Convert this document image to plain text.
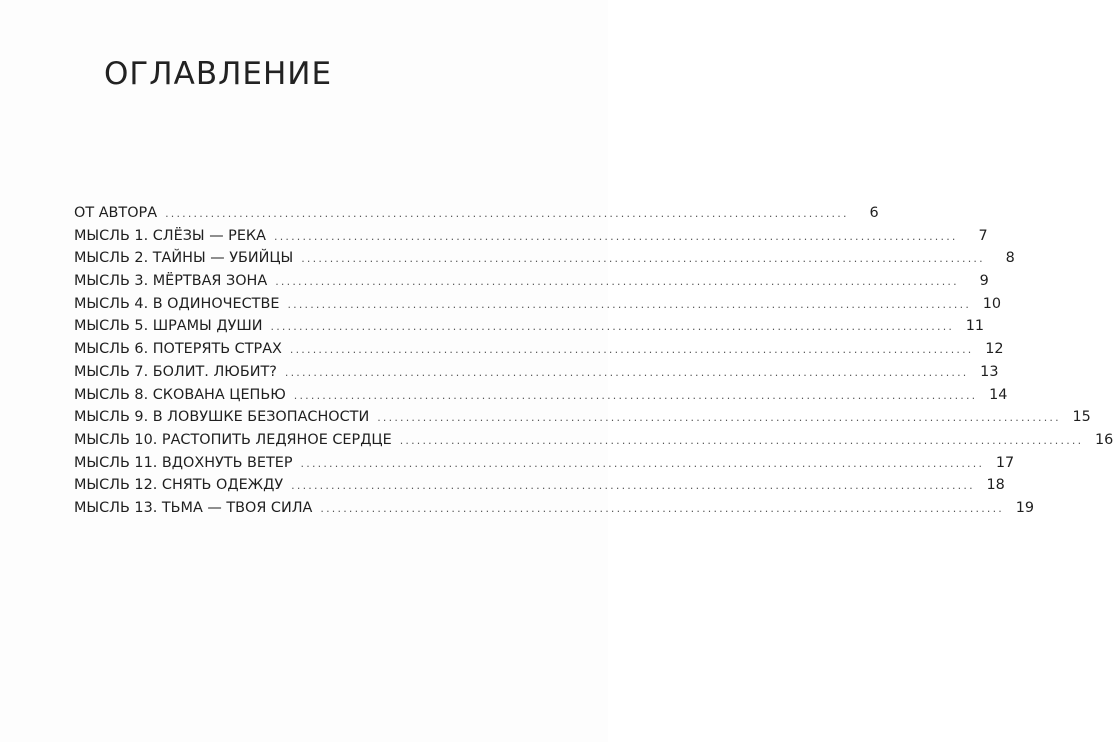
ОГЛАВЛЕНИЕ
ОТ АВТОРА ........................................................................................................................	6
МЫСЛЬ 1. СЛЁЗЫ — РЕКА ........................................................................................................................	7
МЫСЛЬ 2. ТАЙНЫ — УБИЙЦЫ ........................................................................................................................	8
МЫСЛЬ 3. МЁРТВАЯ ЗОНА ........................................................................................................................	9
МЫСЛЬ 4. В ОДИНОЧЕСТВЕ ........................................................................................................................ 10
МЫСЛЬ 5. ШРАМЫ ДУШИ ........................................................................................................................ 11
МЫСЛЬ 6. ПОТЕРЯТЬ СТРАХ ........................................................................................................................ 12
МЫСЛЬ 7. БОЛИТ. ЛЮБИТ? ........................................................................................................................ 13
МЫСЛЬ 8. СКОВАНА ЦЕПЬЮ ........................................................................................................................ 14
МЫСЛЬ 9. В ЛОВУШКЕ БЕЗОПАСНОСТИ ........................................................................................................................ 15
МЫСЛЬ 10. РАСТОПИТЬ ЛЕДЯНОЕ СЕРДЦЕ ........................................................................................................................ 16
МЫСЛЬ 11. ВДОХНУТЬ ВЕТЕР ........................................................................................................................ 17
МЫСЛЬ 12. СНЯТЬ ОДЕЖДУ ........................................................................................................................ 18
МЫСЛЬ 13. ТЬМА — ТВОЯ СИЛА ........................................................................................................................ 19
